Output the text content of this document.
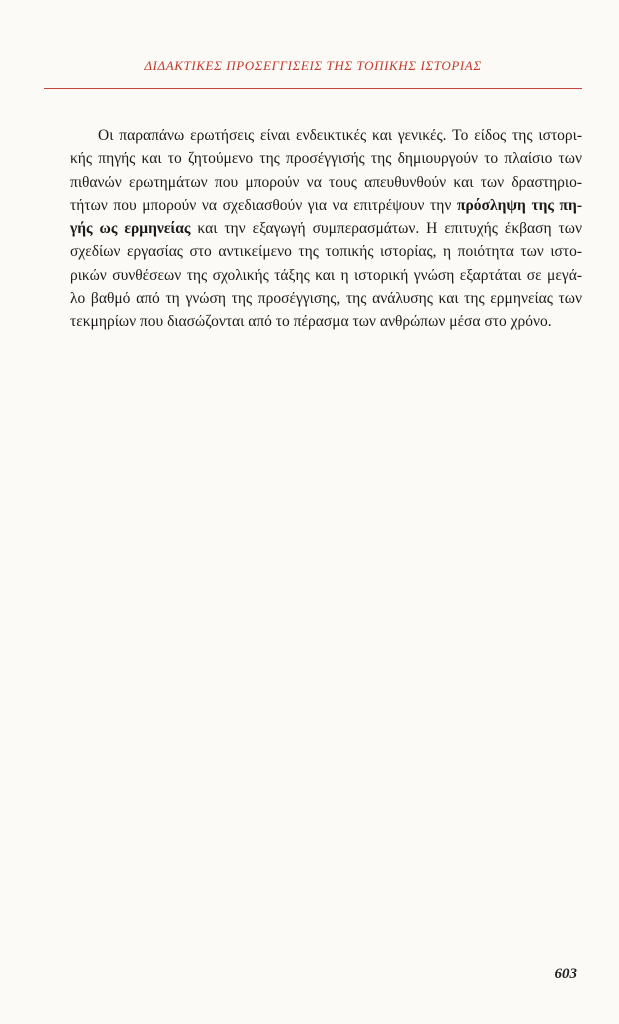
ΔΙΔΑΚΤΙΚΕΣ ΠΡΟΣΕΓΓΙΣΕΙΣ ΤΗΣ ΤΟΠΙΚΗΣ ΙΣΤΟΡΙΑΣ
Οι παραπάνω ερωτήσεις είναι ενδεικτικές και γενικές. Το είδος της ιστορι-
κής πηγής και το ζητούμενο της προσέγγισής της δημιουργούν το πλαίσιο των
πιθανών ερωτημάτων που μπορούν να τους απευθυνθούν και των δραστηριο-
τήτων που μπορούν να σχεδιασθούν για να επιτρέψουν την πρόσληψη της πη-
γής ως ερμηνείας και την εξαγωγή συμπερασμάτων. Η επιτυχής έκβαση των
σχεδίων εργασίας στο αντικείμενο της τοπικής ιστορίας, η ποιότητα των ιστο-
ρικών συνθέσεων της σχολικής τάξης και η ιστορική γνώση εξαρτάται σε μεγά-
λο βαθμό από τη γνώση της προσέγγισης, της ανάλυσης και της ερμηνείας των
τεκμηρίων που διασώζονται από το πέρασμα των ανθρώπων μέσα στο χρόνο.
603
